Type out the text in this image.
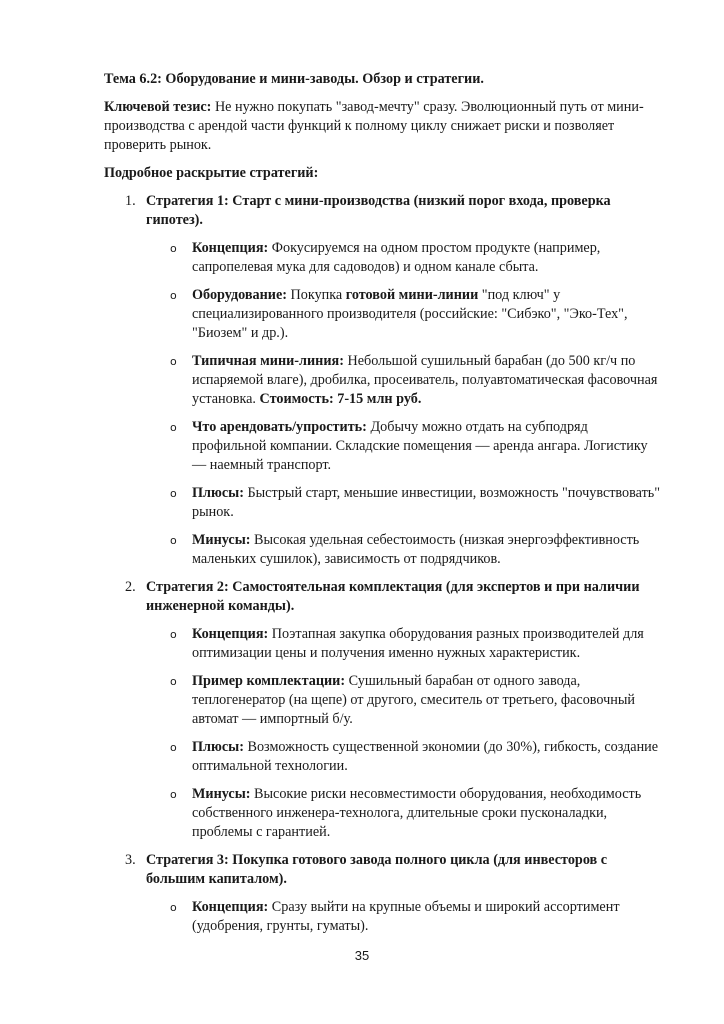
Тема 6.2: Оборудование и мини-заводы. Обзор и стратегии.

Ключевой тезис: Не нужно покупать "завод-мечту" сразу. Эволюционный путь от мини-производства с арендой части функций к полному циклу снижает риски и позволяет проверить рынок.

Подробное раскрытие стратегий:

1. Стратегия 1: Старт с мини-производства (низкий порог входа, проверка гипотез).
o Концепция: Фокусируемся на одном простом продукте (например, сапропелевая мука для садоводов) и одном канале сбыта.
o Оборудование: Покупка готовой мини-линии "под ключ" у специализированного производителя (российские: "Сибэко", "Эко-Тех", "Биозем" и др.).
o Типичная мини-линия: Небольшой сушильный барабан (до 500 кг/ч по испаряемой влаге), дробилка, просеиватель, полуавтоматическая фасовочная установка. Стоимость: 7-15 млн руб.
o Что арендовать/упростить: Добычу можно отдать на субподряд профильной компании. Складские помещения — аренда ангара. Логистику — наемный транспорт.
o Плюсы: Быстрый старт, меньшие инвестиции, возможность "почувствовать" рынок.
o Минусы: Высокая удельная себестоимость (низкая энергоэффективность маленьких сушилок), зависимость от подрядчиков.
2. Стратегия 2: Самостоятельная комплектация (для экспертов и при наличии инженерной команды).
o Концепция: Поэтапная закупка оборудования разных производителей для оптимизации цены и получения именно нужных характеристик.
o Пример комплектации: Сушильный барабан от одного завода, теплогенератор (на щепе) от другого, смеситель от третьего, фасовочный автомат — импортный б/у.
o Плюсы: Возможность существенной экономии (до 30%), гибкость, создание оптимальной технологии.
o Минусы: Высокие риски несовместимости оборудования, необходимость собственного инженера-технолога, длительные сроки пусконаладки, проблемы с гарантией.
3. Стратегия 3: Покупка готового завода полного цикла (для инвесторов с большим капиталом).
o Концепция: Сразу выйти на крупные объемы и широкий ассортимент (удобрения, грунты, гуматы).
35
